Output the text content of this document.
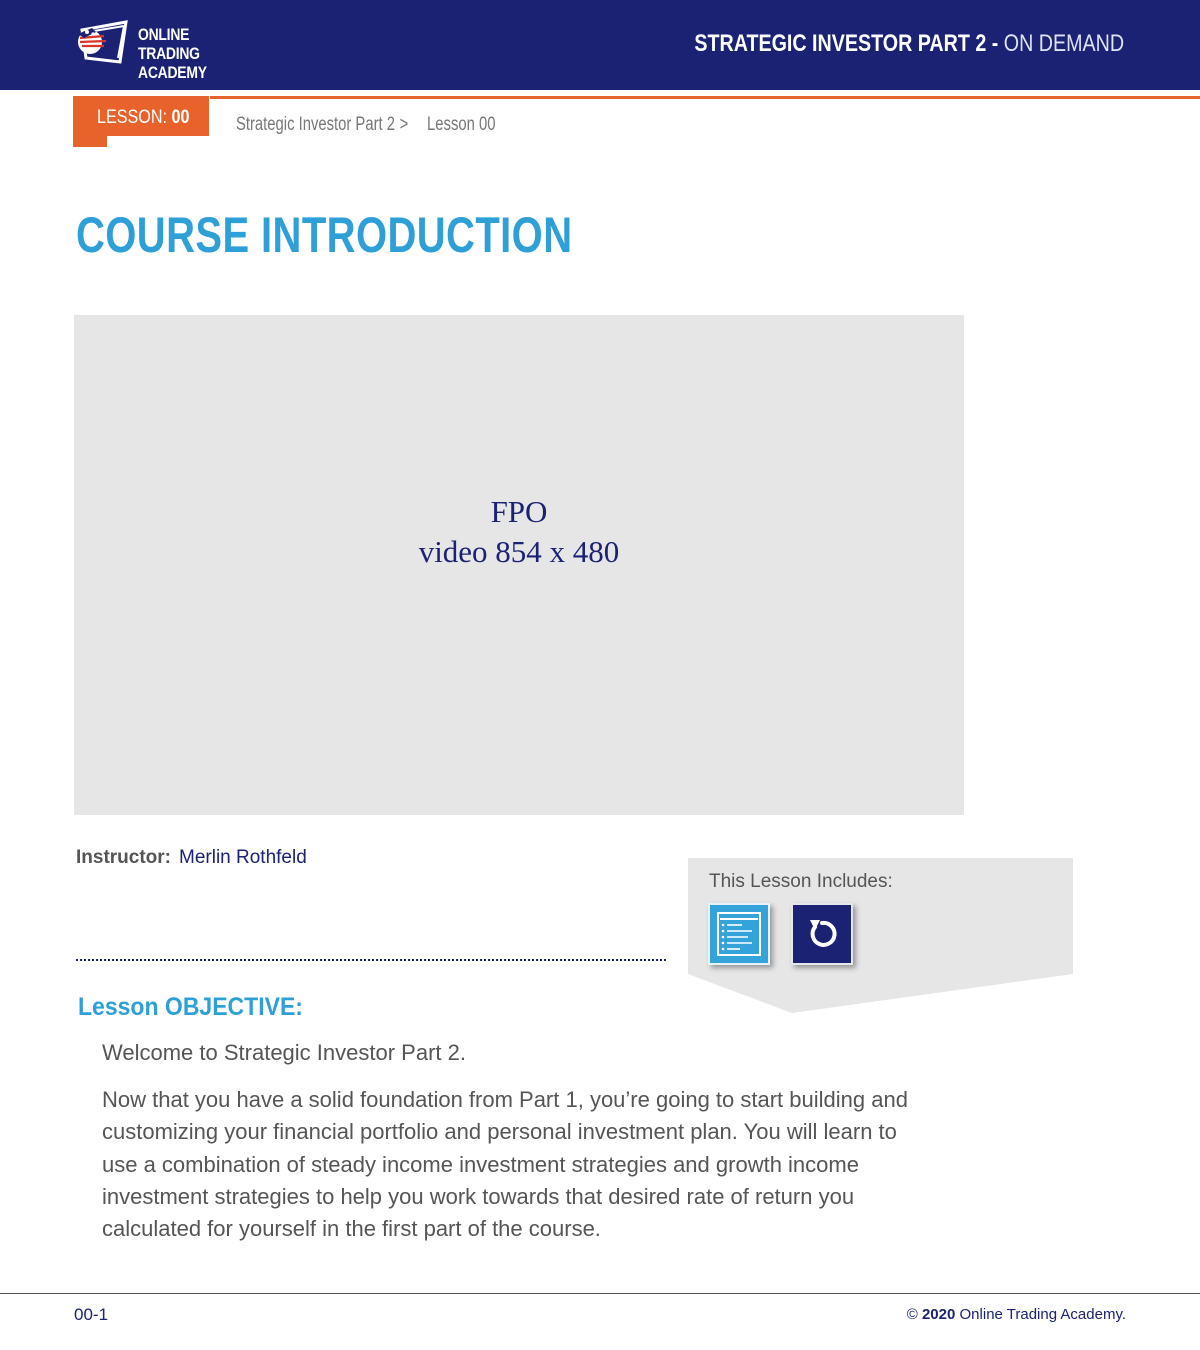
ONLINE TRADING
ACADEMY
STRATEGIC INVESTOR PART 2 - ON DEMAND
LESSON: 00 Strategic Investor Part 2 > Lesson 00
COURSE INTRODUCTION
FPO
video 854 x 480
Instructor: Merlin Rothfeld
This Lesson Includes:
Lesson OBJECTIVE:
Welcome to Strategic Investor Part 2.
Now that you have a solid foundation from Part 1, you’re going to start building and customizing your financial portfolio and personal investment plan. You will learn to use a combination of steady income investment strategies and growth income investment strategies to help you work towards that desired rate of return you calculated for yourself in the first part of the course.
00-1	© 2020 Online Trading Academy.
